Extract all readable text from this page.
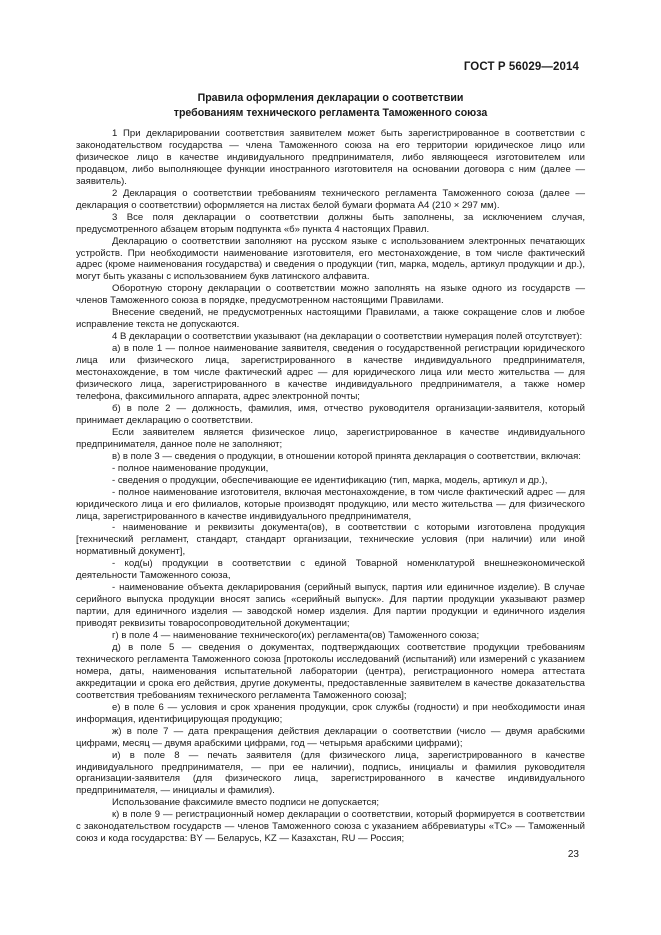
ГОСТ Р 56029—2014
Правила оформления декларации о соответствии
требованиям технического регламента Таможенного союза

1 При декларировании соответствия заявителем может быть зарегистрированное в соответствии с законодательством государства — члена Таможенного союза на его территории юридическое лицо или физическое лицо в качестве индивидуального предпринимателя, либо являющееся изготовителем или продавцом, либо выполняющее функции иностранного изготовителя на основании договора с ним (далее — заявитель).

2 Декларация о соответствии требованиям технического регламента Таможенного союза (далее — декларация о соответствии) оформляется на листах белой бумаги формата А4 (210 × 297 мм).

3 Все поля декларации о соответствии должны быть заполнены, за исключением случая, предусмотренного абзацем вторым подпункта «б» пункта 4 настоящих Правил.

Декларацию о соответствии заполняют на русском языке с использованием электронных печатающих устройств. При необходимости наименование изготовителя, его местонахождение, в том числе фактический адрес (кроме наименования государства) и сведения о продукции (тип, марка, модель, артикул продукции и др.), могут быть указаны с использованием букв латинского алфавита.

Оборотную сторону декларации о соответствии можно заполнять на языке одного из государств — членов Таможенного союза в порядке, предусмотренном настоящими Правилами.

Внесение сведений, не предусмотренных настоящими Правилами, а также сокращение слов и любое исправление текста не допускаются.

4 В декларации о соответствии указывают (на декларации о соответствии нумерация полей отсутствует):

а) в поле 1 — полное наименование заявителя, сведения о государственной регистрации юридического лица или физического лица, зарегистрированного в качестве индивидуального предпринимателя, местонахождение, в том числе фактический адрес — для юридического лица или место жительства — для физического лица, зарегистрированного в качестве индивидуального предпринимателя, а также номер телефона, факсимильного аппарата, адрес электронной почты;

б) в поле 2 — должность, фамилия, имя, отчество руководителя организации-заявителя, который принимает декларацию о соответствии.

Если заявителем является физическое лицо, зарегистрированное в качестве индивидуального предпринимателя, данное поле не заполняют;

в) в поле 3 — сведения о продукции, в отношении которой принята декларация о соответствии, включая:

- полное наименование продукции,

- сведения о продукции, обеспечивающие ее идентификацию (тип, марка, модель, артикул и др.),

- полное наименование изготовителя, включая местонахождение, в том числе фактический адрес — для юридического лица и его филиалов, которые производят продукцию, или место жительства — для физического лица, зарегистрированного в качестве индивидуального предпринимателя,

- наименование и реквизиты документа(ов), в соответствии с которыми изготовлена продукция [технический регламент, стандарт, стандарт организации, технические условия (при наличии) или иной нормативный документ],

- код(ы) продукции в соответствии с единой Товарной номенклатурой внешнеэкономической деятельности Таможенного союза,

- наименование объекта декларирования (серийный выпуск, партия или единичное изделие). В случае серийного выпуска продукции вносят запись «серийный выпуск». Для партии продукции указывают размер партии, для единичного изделия — заводской номер изделия. Для партии продукции и единичного изделия приводят реквизиты товаросопроводительной документации;

г) в поле 4 — наименование технического(их) регламента(ов) Таможенного союза;

д) в поле 5 — сведения о документах, подтверждающих соответствие продукции требованиям технического регламента Таможенного союза [протоколы исследований (испытаний) или измерений с указанием номера, даты, наименования испытательной лаборатории (центра), регистрационного номера аттестата аккредитации и срока его действия, другие документы, предоставленные заявителем в качестве доказательства соответствия требованиям технического регламента Таможенного союза];

е) в поле 6 — условия и срок хранения продукции, срок службы (годности) и при необходимости иная информация, идентифицирующая продукцию;

ж) в поле 7 — дата прекращения действия декларации о соответствии (число — двумя арабскими цифрами, месяц — двумя арабскими цифрами, год — четырьмя арабскими цифрами);

и) в поле 8 — печать заявителя (для физического лица, зарегистрированного в качестве индивидуального предпринимателя, — при ее наличии), подпись, инициалы и фамилия руководителя организации-заявителя (для физического лица, зарегистрированного в качестве индивидуального предпринимателя, — инициалы и фамилия).

Использование факсимиле вместо подписи не допускается;

к) в поле 9 — регистрационный номер декларации о соответствии, который формируется в соответствии с законодательством государств — членов Таможенного союза с указанием аббревиатуры «ТС» — Таможенный союз и кода государства: BY — Беларусь, KZ — Казахстан, RU — Россия;

23
